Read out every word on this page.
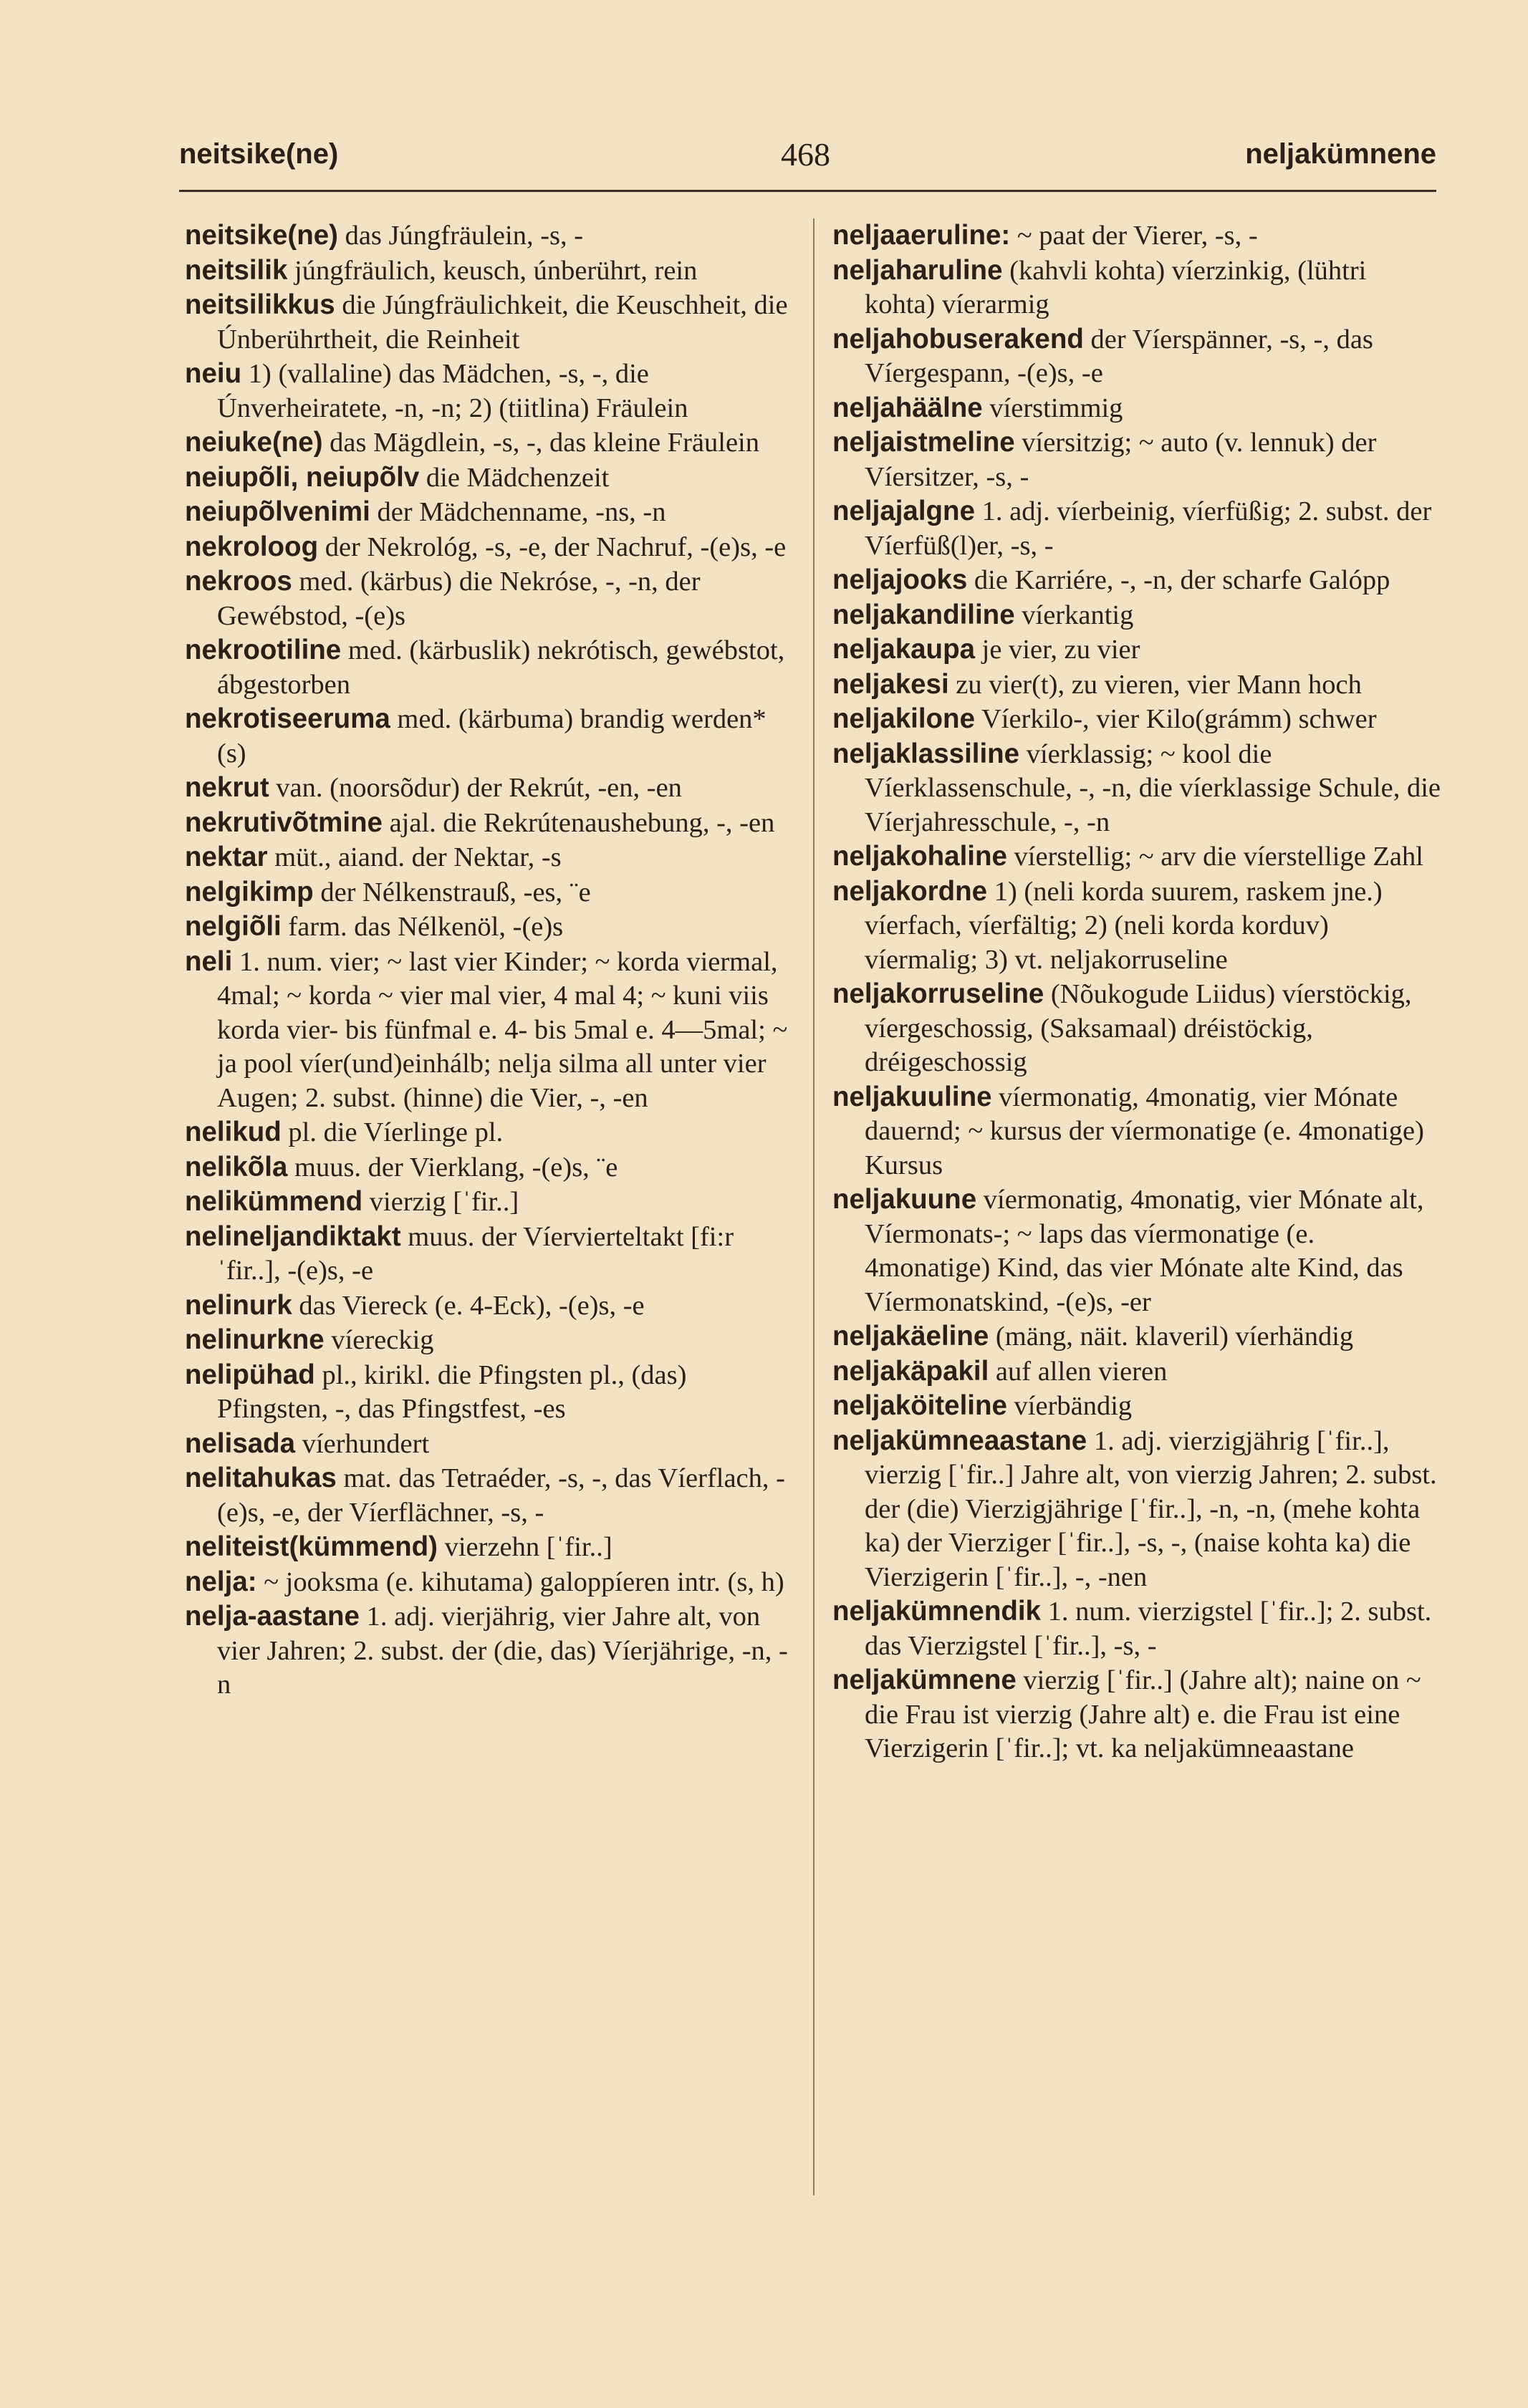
neitsike(ne)	468	neljakümnene

neitsike(ne) das Júngfräulein, -s, -

neitsilik júngfräulich, keusch, únberührt, rein

neitsilikkus die Júngfräulichkeit, die Keuschheit, die Únberührtheit, die Reinheit

neiu 1) (vallaline) das Mädchen, -s, -, die Únverheiratete, -n, -n; 2) (tiitlina) Fräulein

neiuke(ne) das Mägdlein, -s, -, das kleine Fräulein

neiupõli, neiupõlv die Mädchenzeit

neiupõlvenimi der Mädchenname, -ns, -n

nekroloog der Nekrológ, -s, -e, der Nachruf, -(e)s, -e

nekroos med. (kärbus) die Nekróse, -, -n, der Gewébstod, -(e)s

nekrootiline med. (kärbuslik) nekrótisch, gewébstot, ábgestorben

nekrotiseeruma med. (kärbuma) brandig werden* (s)

nekrut van. (noorsõdur) der Rekrút, -en, -en

nekrutivõtmine ajal. die Rekrútenaushebung, -, -en

nektar müt., aiand. der Nektar, -s

nelgikimp der Nélkenstrauß, -es, ¨e

nelgiõli farm. das Nélkenöl, -(e)s

neli 1. num. vier; ~ last vier Kinder; ~ korda viermal, 4mal; ~ korda ~ vier mal vier, 4 mal 4; ~ kuni viis korda vier- bis fünfmal e. 4- bis 5mal e. 4—5mal; ~ ja pool víer(und)einhálb; nelja silma all unter vier Augen; 2. subst. (hinne) die Vier, -, -en

nelikud pl. die Víerlinge pl.

nelikõla muus. der Vierklang, -(e)s, ¨e

nelikümmend vierzig [ˈfir..]

nelineljandiktakt muus. der Víervierteltakt [fi:rˈfir..], -(e)s, -e

nelinurk das Viereck (e. 4-Eck), -(e)s, -e

nelinurkne víereckig

nelipühad pl., kirikl. die Pfingsten pl., (das) Pfingsten, -, das Pfingstfest, -es

nelisada víerhundert

nelitahukas mat. das Tetraéder, -s, -, das Víerflach, -(e)s, -e, der Víerflächner, -s, -

neliteist(kümmend) vierzehn [ˈfir..]

nelja: ~ jooksma (e. kihutama) galoppíeren intr. (s, h)

nelja-aastane 1. adj. vierjährig, vier Jahre alt, von vier Jahren; 2. subst. der (die, das) Víerjährige, -n, -n

neljaaeruline: ~ paat der Vierer, -s, -

neljaharuline (kahvli kohta) víerzinkig, (lühtri kohta) víerarmig

neljahobuserakend der Víerspänner, -s, -, das Víergespann, -(e)s, -e

neljahäälne víerstimmig

neljaistmeline víersitzig; ~ auto (v. lennuk) der Víersitzer, -s, -

neljajalgne 1. adj. víerbeinig, víerfüßig; 2. subst. der Víerfüß(l)er, -s, -

neljajooks die Karriére, -, -n, der scharfe Galópp

neljakandiline víerkantig

neljakaupa je vier, zu vier

neljakesi zu vier(t), zu vieren, vier Mann hoch

neljakilone Víerkilo-, vier Kilo(grámm) schwer

neljaklassiline víerklassig; ~ kool die Víerklassenschule, -, -n, die víerklassige Schule, die Víerjahresschule, -, -n

neljakohaline víerstellig; ~ arv die víerstellige Zahl

neljakordne 1) (neli korda suurem, raskem jne.) víerfach, víerfältig; 2) (neli korda korduv) víermalig; 3) vt. neljakorruseline

neljakorruseline (Nõukogude Liidus) víerstöckig, víergeschossig, (Saksamaal) dréistöckig, dréigeschossig

neljakuuline víermonatig, 4monatig, vier Mónate dauernd; ~ kursus der víermonatige (e. 4monatige) Kursus

neljakuune víermonatig, 4monatig, vier Mónate alt, Víermonats-; ~ laps das víermonatige (e. 4monatige) Kind, das vier Mónate alte Kind, das Víermonatskind, -(e)s, -er

neljakäeline (mäng, näit. klaveril) víerhändig

neljakäpakil auf allen vieren

neljaköiteline víerbändig

neljakümneaastane 1. adj. vierzigjährig [ˈfir..], vierzig [ˈfir..] Jahre alt, von vierzig Jahren; 2. subst. der (die) Vierzigjährige [ˈfir..], -n, -n, (mehe kohta ka) der Vierziger [ˈfir..], -s, -, (naise kohta ka) die Vierzigerin [ˈfir..], -, -nen

neljakümnendik 1. num. vierzigstel [ˈfir..]; 2. subst. das Vierzigstel [ˈfir..], -s, -

neljakümnene vierzig [ˈfir..] (Jahre alt); naine on ~ die Frau ist vierzig (Jahre alt) e. die Frau ist eine Vierzigerin [ˈfir..]; vt. ka neljakümneaastane
